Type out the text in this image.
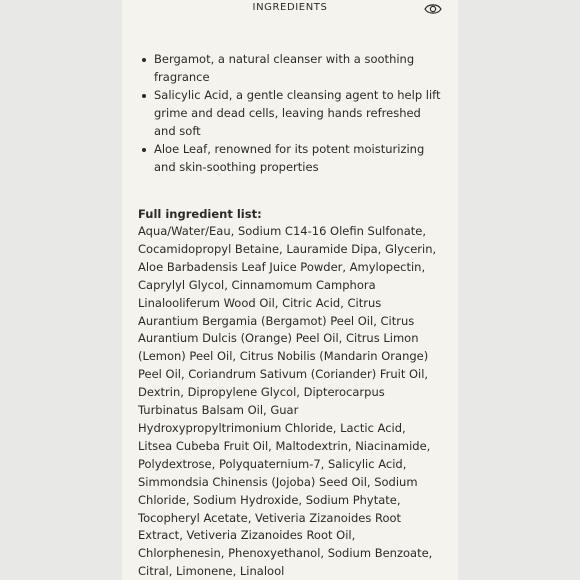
INGREDIENTS
Bergamot, a natural cleanser with a soothing fragrance
Salicylic Acid, a gentle cleansing agent to help lift grime and dead cells, leaving hands refreshed and soft
Aloe Leaf, renowned for its potent moisturizing and skin-soothing properties
Full ingredient list:
Aqua/Water/Eau, Sodium C14-16 Olefin Sulfonate,
Cocamidopropyl Betaine, Lauramide Dipa, Glycerin,
Aloe Barbadensis Leaf Juice Powder, Amylopectin,
Caprylyl Glycol, Cinnamomum Camphora
Linalooliferum Wood Oil, Citric Acid, Citrus
Aurantium Bergamia (Bergamot) Peel Oil, Citrus
Aurantium Dulcis (Orange) Peel Oil, Citrus Limon
(Lemon) Peel Oil, Citrus Nobilis (Mandarin Orange)
Peel Oil, Coriandrum Sativum (Coriander) Fruit Oil,
Dextrin, Dipropylene Glycol, Dipterocarpus
Turbinatus Balsam Oil, Guar
Hydroxypropyltrimonium Chloride, Lactic Acid,
Litsea Cubeba Fruit Oil, Maltodextrin, Niacinamide,
Polydextrose, Polyquaternium-7, Salicylic Acid,
Simmondsia Chinensis (Jojoba) Seed Oil, Sodium
Chloride, Sodium Hydroxide, Sodium Phytate,
Tocopheryl Acetate, Vetiveria Zizanoides Root
Extract, Vetiveria Zizanoides Root Oil,
Chlorphenesin, Phenoxyethanol, Sodium Benzoate,
Citral, Limonene, Linalool
